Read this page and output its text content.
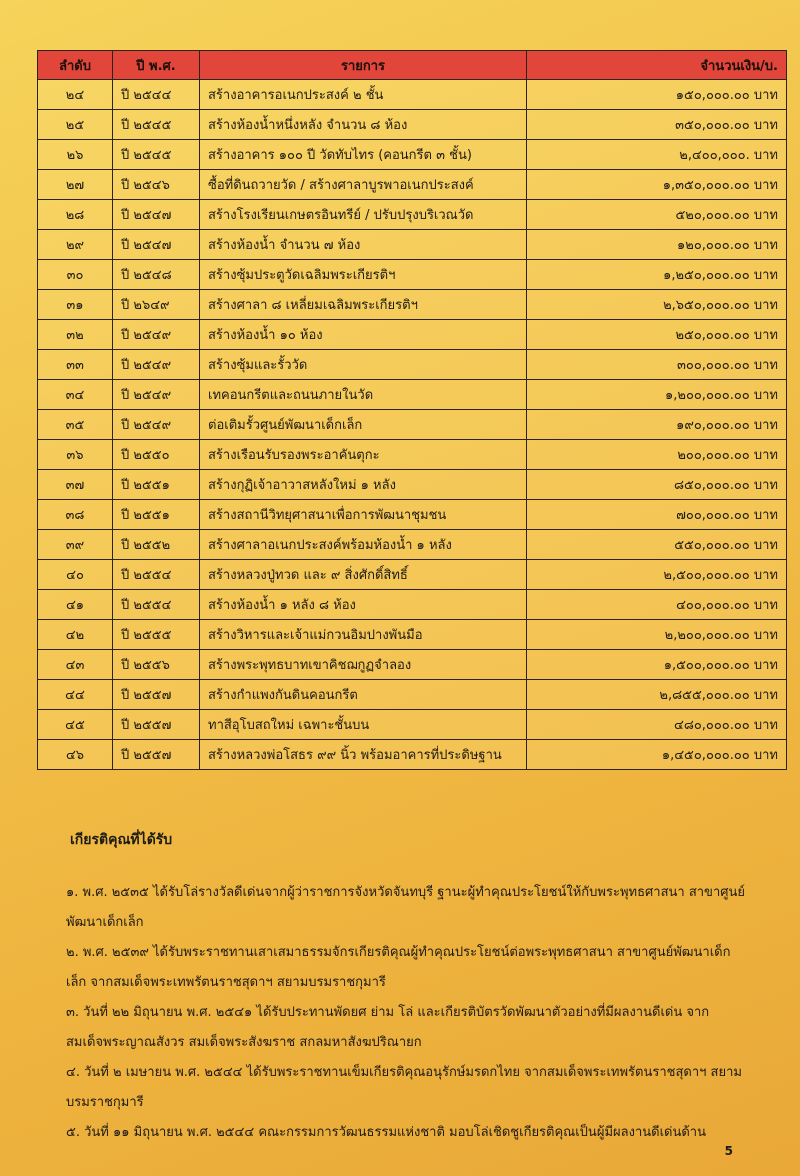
ลำดับ	ปี พ.ศ.	รายการ	จำนวนเงิน/บ.
๒๔	ปี ๒๕๔๔	สร้างอาคารอเนกประสงค์ ๒ ชั้น	๑๕๐,๐๐๐.๐๐ บาท
๒๕	ปี ๒๕๔๕	สร้างห้องน้ำหนึ่งหลัง จำนวน ๘ ห้อง	๓๕๐,๐๐๐.๐๐ บาท
๒๖	ปี ๒๕๔๕	สร้างอาคาร ๑๐๐ ปี วัดทับไทร (คอนกรีต ๓ ชั้น)	๒,๔๐๐,๐๐๐. บาท
๒๗	ปี ๒๕๔๖	ซื้อที่ดินถวายวัด / สร้างศาลาบูรพาอเนกประสงค์	๑,๓๕๐,๐๐๐.๐๐ บาท
๒๘	ปี ๒๕๔๗	สร้างโรงเรียนเกษตรอินทรีย์ / ปรับปรุงบริเวณวัด	๕๒๐,๐๐๐.๐๐ บาท
๒๙	ปี ๒๕๔๗	สร้างห้องน้ำ จำนวน ๗ ห้อง	๑๒๐,๐๐๐.๐๐ บาท
๓๐	ปี ๒๕๔๘	สร้างซุ้มประตูวัดเฉลิมพระเกียรติฯ	๑,๒๕๐,๐๐๐.๐๐ บาท
๓๑	ปี ๒๖๔๙	สร้างศาลา ๘ เหลี่ยมเฉลิมพระเกียรติฯ	๒,๖๕๐,๐๐๐.๐๐ บาท
๓๒	ปี ๒๕๔๙	สร้างห้องน้ำ ๑๐ ห้อง	๒๕๐,๐๐๐.๐๐ บาท
๓๓	ปี ๒๕๔๙	สร้างซุ้มและรั้ววัด	๓๐๐,๐๐๐.๐๐ บาท
๓๔	ปี ๒๕๔๙	เทคอนกรีตและถนนภายในวัด	๑,๒๐๐,๐๐๐.๐๐ บาท
๓๕	ปี ๒๕๔๙	ต่อเติมรั้วศูนย์พัฒนาเด็กเล็ก	๑๙๐,๐๐๐.๐๐ บาท
๓๖	ปี ๒๕๕๐	สร้างเรือนรับรองพระอาคันตุกะ	๒๐๐,๐๐๐.๐๐ บาท
๓๗	ปี ๒๕๕๑	สร้างกุฏิเจ้าอาวาสหลังใหม่ ๑ หลัง	๘๕๐,๐๐๐.๐๐ บาท
๓๘	ปี ๒๕๕๑	สร้างสถานีวิทยุศาสนาเพื่อการพัฒนาชุมชน	๗๐๐,๐๐๐.๐๐ บาท
๓๙	ปี ๒๕๕๒	สร้างศาลาอเนกประสงค์พร้อมห้องน้ำ ๑ หลัง	๕๕๐,๐๐๐.๐๐ บาท
๔๐	ปี ๒๕๕๔	สร้างหลวงปู่ทวด และ ๙ สิ่งศักดิ์สิทธิ์	๒,๕๐๐,๐๐๐.๐๐ บาท
๔๑	ปี ๒๕๕๔	สร้างห้องน้ำ ๑ หลัง ๘ ห้อง	๔๐๐,๐๐๐.๐๐ บาท
๔๒	ปี ๒๕๕๕	สร้างวิหารและเจ้าแม่กวนอิมปางพันมือ	๒,๒๐๐,๐๐๐.๐๐ บาท
๔๓	ปี ๒๕๕๖	สร้างพระพุทธบาทเขาคิชฌกูฏจำลอง	๑,๕๐๐,๐๐๐.๐๐ บาท
๔๔	ปี ๒๕๕๗	สร้างกำแพงกันดินคอนกรีต	๒,๘๕๕,๐๐๐.๐๐ บาท
๔๕	ปี ๒๕๕๗	ทาสีอุโบสถใหม่ เฉพาะชั้นบน	๔๘๐,๐๐๐.๐๐ บาท
๔๖	ปี ๒๕๕๗	สร้างหลวงพ่อโสธร ๙๙ นิ้ว พร้อมอาคารที่ประดิษฐาน	๑,๔๕๐,๐๐๐.๐๐ บาท
เกียรติคุณที่ได้รับ

๑. พ.ศ. ๒๕๓๕ ได้รับโล่รางวัลดีเด่นจากผู้ว่าราชการจังหวัดจันทบุรี ฐานะผู้ทำคุณประโยชน์ให้กับพระพุทธศาสนา สาขาศูนย์พัฒนาเด็กเล็ก

๒. พ.ศ. ๒๕๓๙ ได้รับพระราชทานเสาเสมาธรรมจักรเกียรติคุณผู้ทำคุณประโยชน์ต่อพระพุทธศาสนา สาขาศูนย์พัฒนาเด็กเล็ก จากสมเด็จพระเทพรัตนราชสุดาฯ สยามบรมราชกุมารี

๓. วันที่ ๒๒ มิถุนายน พ.ศ. ๒๕๔๑ ได้รับประทานพัดยศ ย่าม โล่ และเกียรติบัตรวัดพัฒนาตัวอย่างที่มีผลงานดีเด่น จาก สมเด็จพระญาณสังวร สมเด็จพระสังฆราช สกลมหาสังฆปริณายก

๔. วันที่ ๒ เมษายน พ.ศ. ๒๕๔๔ ได้รับพระราชทานเข็มเกียรติคุณอนุรักษ์มรดกไทย จากสมเด็จพระเทพรัตนราชสุดาฯ สยามบรมราชกุมารี

๕. วันที่ ๑๑ มิถุนายน พ.ศ. ๒๕๔๔ คณะกรรมการวัฒนธรรมแห่งชาติ มอบโล่เชิดชูเกียรติคุณเป็นผู้มีผลงานดีเด่นด้าน

5
